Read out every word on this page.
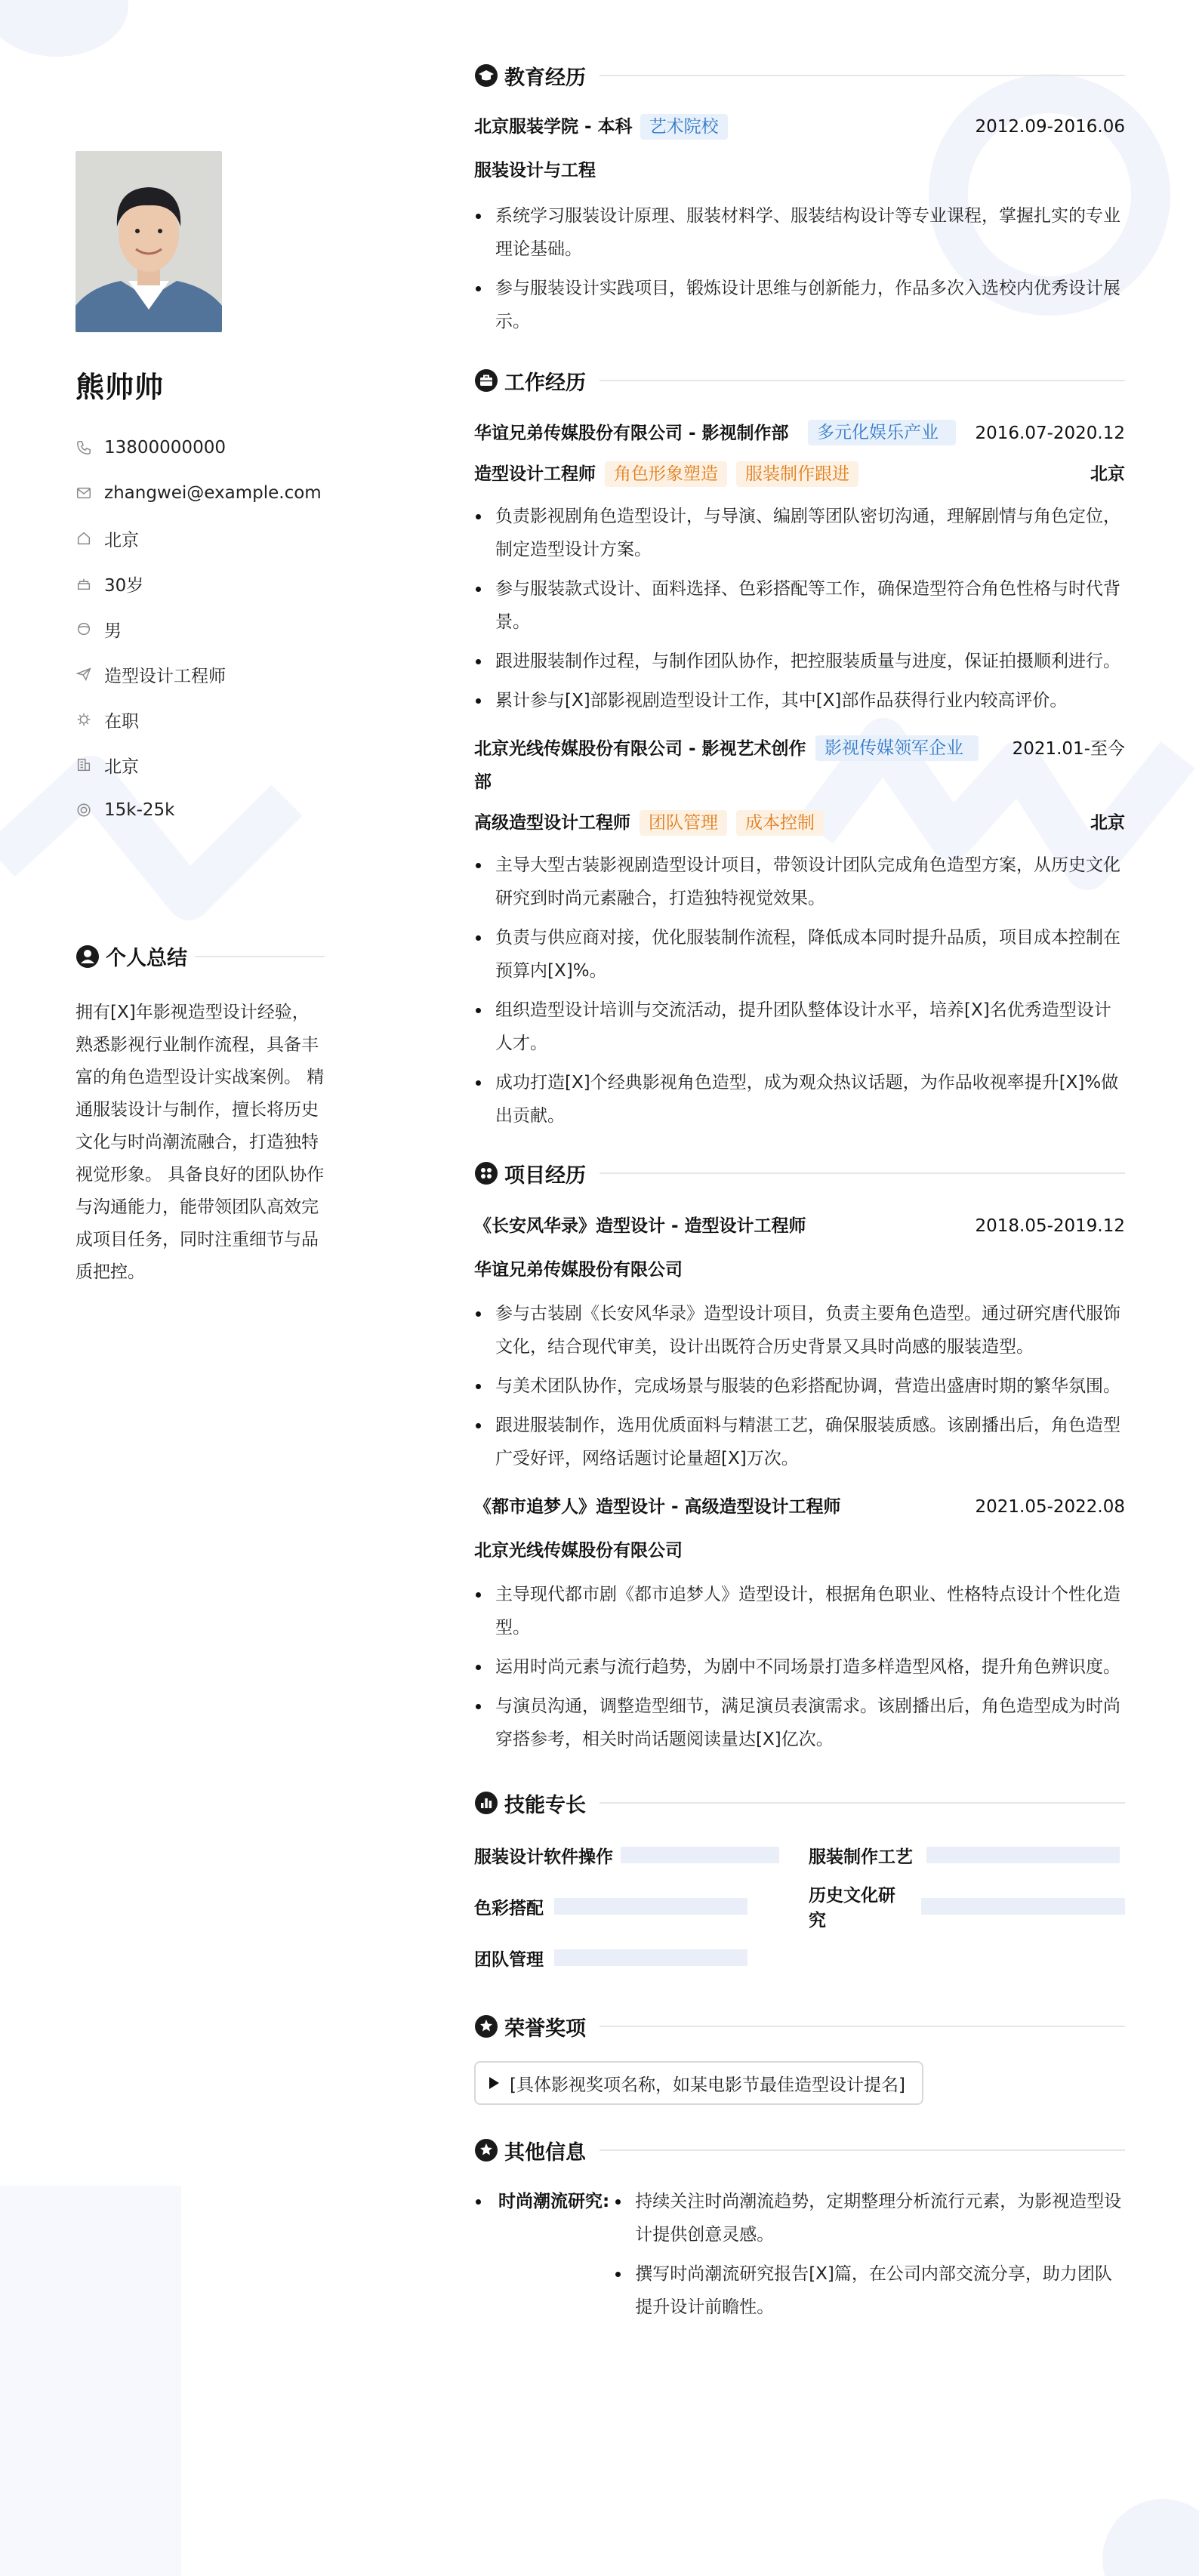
熊帅帅
13800000000
zhangwei@example.com
北京
30岁
男
造型设计工程师
在职
北京
15k-25k
个人总结
拥有[X]年影视造型设计经验，熟悉影视行业制作流程，具备丰富的角色造型设计实战案例。 精通服装设计与制作，擅长将历史文化与时尚潮流融合，打造独特视觉形象。 具备良好的团队协作与沟通能力，能带领团队高效完成项目任务，同时注重细节与品质把控。
教育经历
北京服装学院 - 本科 艺术院校	2012.09-2016.06
服装设计与工程
系统学习服装设计原理、服装材料学、服装结构设计等专业课程，掌握扎实的专业理论基础。
参与服装设计实践项目，锻炼设计思维与创新能力，作品多次入选校内优秀设计展示。
工作经历
华谊兄弟传媒股份有限公司 - 影视制作部	多元化娱乐产业	2016.07-2020.12
造型设计工程师 角色形象塑造 服装制作跟进	北京
负责影视剧角色造型设计，与导演、编剧等团队密切沟通，理解剧情与角色定位，制定造型设计方案。
参与服装款式设计、面料选择、色彩搭配等工作，确保造型符合角色性格与时代背景。
跟进服装制作过程，与制作团队协作，把控服装质量与进度，保证拍摄顺利进行。
累计参与[X]部影视剧造型设计工作，其中[X]部作品获得行业内较高评价。
北京光线传媒股份有限公司 - 影视艺术创作部
影视传媒领军企业	2021.01-至今
高级造型设计工程师 团队管理 成本控制	北京
主导大型古装影视剧造型设计项目，带领设计团队完成角色造型方案，从历史文化研究到时尚元素融合，打造独特视觉效果。
负责与供应商对接，优化服装制作流程，降低成本同时提升品质，项目成本控制在预算内[X]%。
组织造型设计培训与交流活动，提升团队整体设计水平，培养[X]名优秀造型设计人才。
成功打造[X]个经典影视角色造型，成为观众热议话题，为作品收视率提升[X]%做出贡献。
项目经历
《长安风华录》造型设计 - 造型设计工程师	2018.05-2019.12
华谊兄弟传媒股份有限公司
参与古装剧《长安风华录》造型设计项目，负责主要角色造型。通过研究唐代服饰文化，结合现代审美，设计出既符合历史背景又具时尚感的服装造型。
与美术团队协作，完成场景与服装的色彩搭配协调，营造出盛唐时期的繁华氛围。
跟进服装制作，选用优质面料与精湛工艺，确保服装质感。该剧播出后，角色造型广受好评，网络话题讨论量超[X]万次。
《都市追梦人》造型设计 - 高级造型设计工程师	2021.05-2022.08
北京光线传媒股份有限公司
主导现代都市剧《都市追梦人》造型设计，根据角色职业、性格特点设计个性化造型。
运用时尚元素与流行趋势，为剧中不同场景打造多样造型风格，提升角色辨识度。
与演员沟通，调整造型细节，满足演员表演需求。该剧播出后，角色造型成为时尚穿搭参考，相关时尚话题阅读量达[X]亿次。
技能专长
服装设计软件操作	服装制作工艺
色彩搭配
历史文化研究
团队管理
荣誉奖项
[具体影视奖项名称，如某电影节最佳造型设计提名]
其他信息
时尚潮流研究:	持续关注时尚潮流趋势，定期整理分析流行元素，为影视造型设计提供创意灵感。
撰写时尚潮流研究报告[X]篇，在公司内部交流分享，助力团队提升设计前瞻性。
